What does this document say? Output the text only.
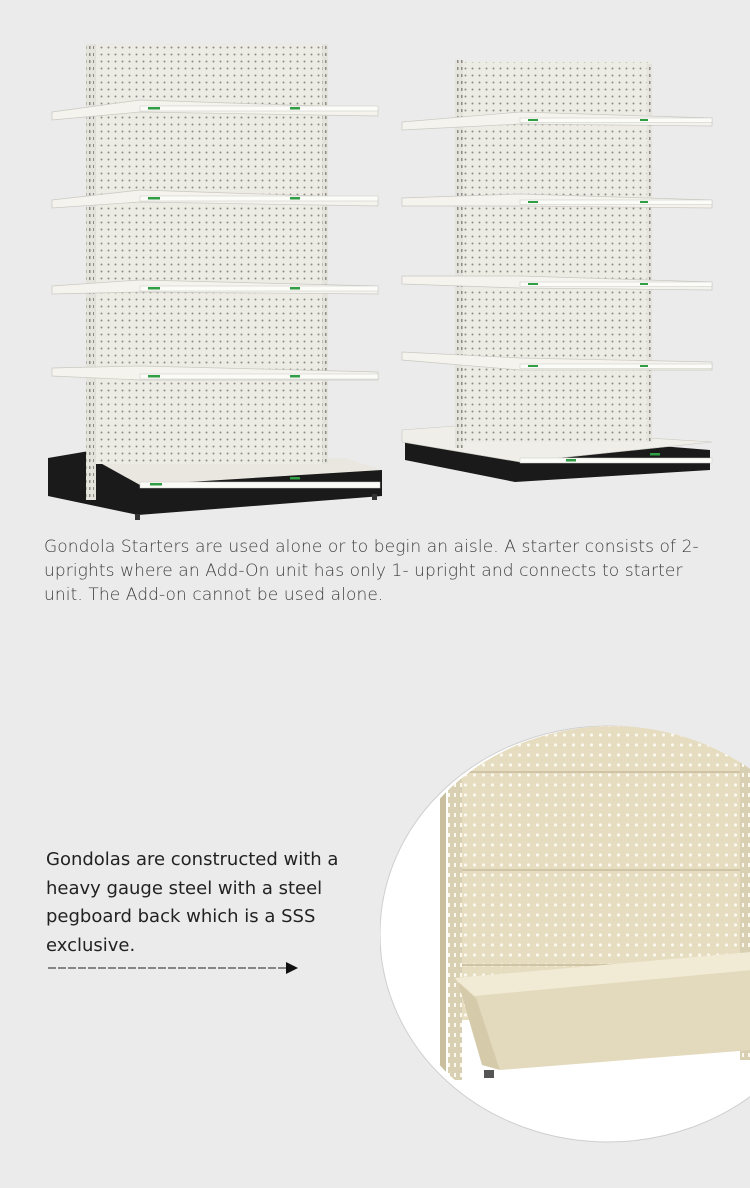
Gondola Starters are used alone or to begin an aisle. A starter consists of 2- uprights where an Add-On unit has only 1- upright and connects to starter unit. The Add-on cannot be used alone.
Gondolas are constructed with a heavy gauge steel with a steel pegboard back which is a SSS exclusive.
